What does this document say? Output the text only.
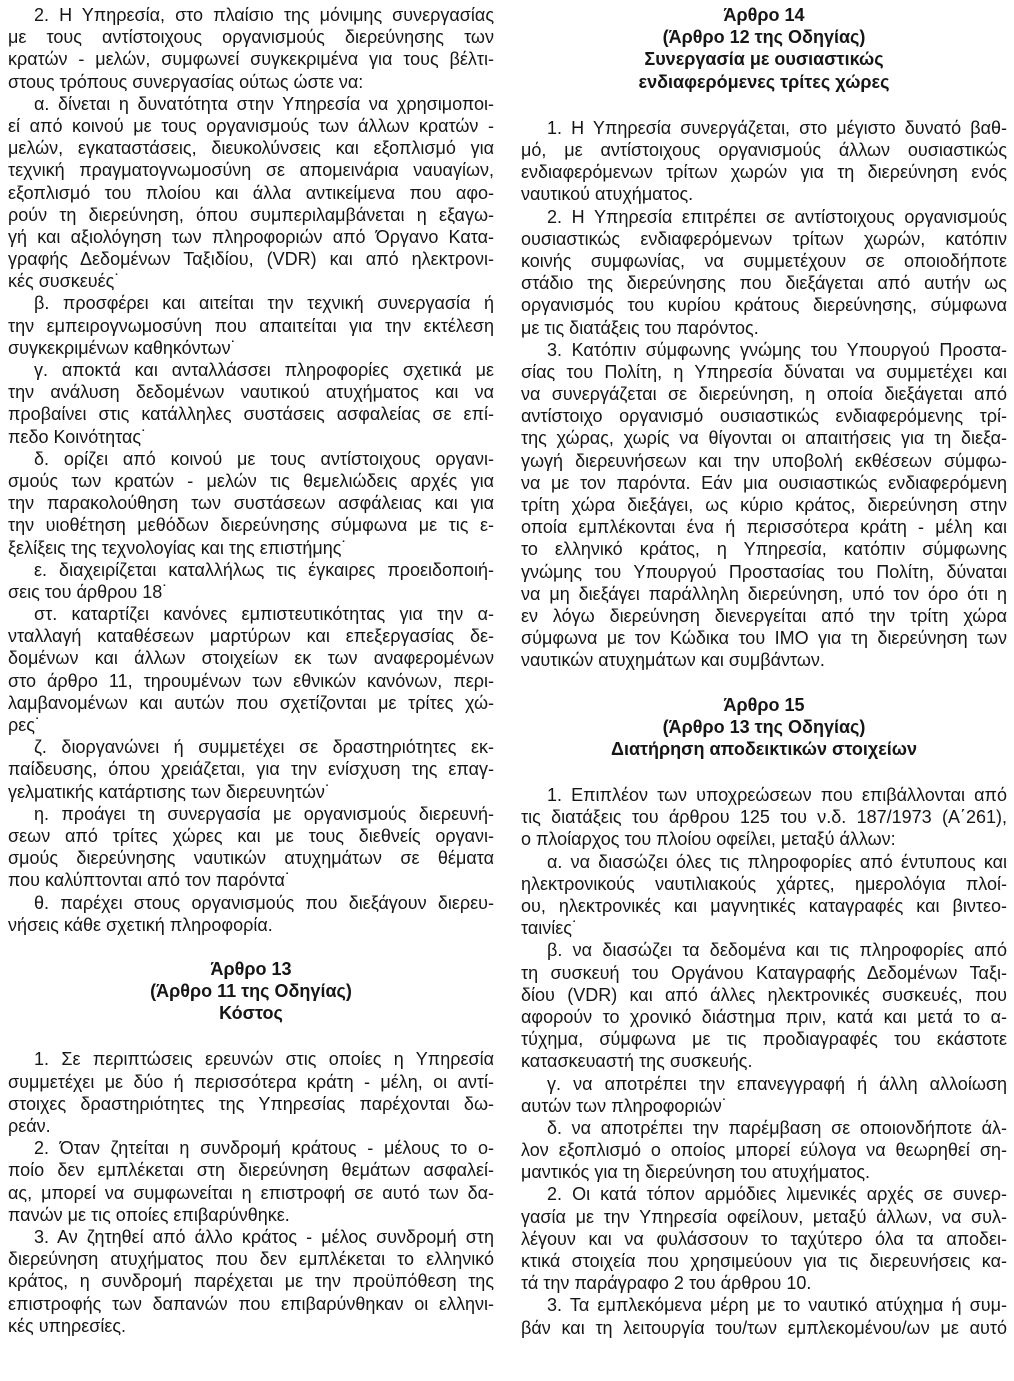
2. Η Υπηρεσία, στο πλαίσιο της μόνιμης συνεργασίας
με τους αντίστοιχους οργανισμούς διερεύνησης των
κρατών - μελών, συμφωνεί συγκεκριμένα για τους βέλτι-
στους τρόπους συνεργασίας ούτως ώστε να:
α. δίνεται η δυνατότητα στην Υπηρεσία να χρησιμοποι-
εί από κοινού με τους οργανισμούς των άλλων κρατών -
μελών, εγκαταστάσεις, διευκολύνσεις και εξοπλισμό για
τεχνική πραγματογνωμοσύνη σε απομεινάρια ναυαγίων,
εξοπλισμό του πλοίου και άλλα αντικείμενα που αφο-
ρούν τη διερεύνηση, όπου συμπεριλαμβάνεται η εξαγω-
γή και αξιολόγηση των πληροφοριών από Όργανο Κατα-
γραφής Δεδομένων Ταξιδίου, (VDR) και από ηλεκτρονι-
κές συσκευές˙
β. προσφέρει και αιτείται την τεχνική συνεργασία ή
την εμπειρογνωμοσύνη που απαιτείται για την εκτέλεση
συγκεκριμένων καθηκόντων˙
γ. αποκτά και ανταλλάσσει πληροφορίες σχετικά με
την ανάλυση δεδομένων ναυτικού ατυχήματος και να
προβαίνει στις κατάλληλες συστάσεις ασφαλείας σε επί-
πεδο Κοινότητας˙
δ. ορίζει από κοινού με τους αντίστοιχους οργανι-
σμούς των κρατών - μελών τις θεμελιώδεις αρχές για
την παρακολούθηση των συστάσεων ασφάλειας και για
την υιοθέτηση μεθόδων διερεύνησης σύμφωνα με τις ε-
ξελίξεις της τεχνολογίας και της επιστήμης˙
ε. διαχειρίζεται καταλλήλως τις έγκαιρες προειδοποιή-
σεις του άρθρου 18˙
στ. καταρτίζει κανόνες εμπιστευτικότητας για την α-
νταλλαγή καταθέσεων μαρτύρων και επεξεργασίας δε-
δομένων και άλλων στοιχείων εκ των αναφερομένων
στο άρθρο 11, τηρουμένων των εθνικών κανόνων, περι-
λαμβανομένων και αυτών που σχετίζονται με τρίτες χώ-
ρες˙
ζ. διοργανώνει ή συμμετέχει σε δραστηριότητες εκ-
παίδευσης, όπου χρειάζεται, για την ενίσχυση της επαγ-
γελματικής κατάρτισης των διερευνητών˙
η. προάγει τη συνεργασία με οργανισμούς διερευνή-
σεων από τρίτες χώρες και με τους διεθνείς οργανι-
σμούς διερεύνησης ναυτικών ατυχημάτων σε θέματα
που καλύπτονται από τον παρόντα˙
θ. παρέχει στους οργανισμούς που διεξάγουν διερευ-
νήσεις κάθε σχετική πληροφορία.
Άρθρο 13
(Άρθρο 11 της Οδηγίας)
Κόστος
1. Σε περιπτώσεις ερευνών στις οποίες η Υπηρεσία
συμμετέχει με δύο ή περισσότερα κράτη - μέλη, οι αντί-
στοιχες δραστηριότητες της Υπηρεσίας παρέχονται δω-
ρεάν.
2. Όταν ζητείται η συνδρομή κράτους - μέλους το ο-
ποίο δεν εμπλέκεται στη διερεύνηση θεμάτων ασφαλεί-
ας, μπορεί να συμφωνείται η επιστροφή σε αυτό των δα-
πανών με τις οποίες επιβαρύνθηκε.
3. Αν ζητηθεί από άλλο κράτος - μέλος συνδρομή στη
διερεύνηση ατυχήματος που δεν εμπλέκεται το ελληνικό
κράτος, η συνδρομή παρέχεται με την προϋπόθεση της
επιστροφής των δαπανών που επιβαρύνθηκαν οι ελληνι-
κές υπηρεσίες.
Άρθρο 14
(Άρθρο 12 της Οδηγίας)
Συνεργασία με ουσιαστικώς
ενδιαφερόμενες τρίτες χώρες
1. Η Υπηρεσία συνεργάζεται, στο μέγιστο δυνατό βαθ-
μό, με αντίστοιχους οργανισμούς άλλων ουσιαστικώς
ενδιαφερόμενων τρίτων χωρών για τη διερεύνηση ενός
ναυτικού ατυχήματος.
2. Η Υπηρεσία επιτρέπει σε αντίστοιχους οργανισμούς
ουσιαστικώς ενδιαφερόμενων τρίτων χωρών, κατόπιν
κοινής συμφωνίας, να συμμετέχουν σε οποιοδήποτε
στάδιο της διερεύνησης που διεξάγεται από αυτήν ως
οργανισμός του κυρίου κράτους διερεύνησης, σύμφωνα
με τις διατάξεις του παρόντος.
3. Κατόπιν σύμφωνης γνώμης του Υπουργού Προστα-
σίας του Πολίτη, η Υπηρεσία δύναται να συμμετέχει και
να συνεργάζεται σε διερεύνηση, η οποία διεξάγεται από
αντίστοιχο οργανισμό ουσιαστικώς ενδιαφερόμενης τρί-
της χώρας, χωρίς να θίγονται οι απαιτήσεις για τη διεξα-
γωγή διερευνήσεων και την υποβολή εκθέσεων σύμφω-
να με τον παρόντα. Εάν μια ουσιαστικώς ενδιαφερόμενη
τρίτη χώρα διεξάγει, ως κύριο κράτος, διερεύνηση στην
οποία εμπλέκονται ένα ή περισσότερα κράτη - μέλη και
το ελληνικό κράτος, η Υπηρεσία, κατόπιν σύμφωνης
γνώμης του Υπουργού Προστασίας του Πολίτη, δύναται
να μη διεξάγει παράλληλη διερεύνηση, υπό τον όρο ότι η
εν λόγω διερεύνηση διενεργείται από την τρίτη χώρα
σύμφωνα με τον Κώδικα του IMO για τη διερεύνηση των
ναυτικών ατυχημάτων και συμβάντων.
Άρθρο 15
(Άρθρο 13 της Οδηγίας)
Διατήρηση αποδεικτικών στοιχείων
1. Επιπλέον των υποχρεώσεων που επιβάλλονται από
τις διατάξεις του άρθρου 125 του ν.δ. 187/1973 (Α΄261),
ο πλοίαρχος του πλοίου οφείλει, μεταξύ άλλων:
α. να διασώζει όλες τις πληροφορίες από έντυπους και
ηλεκτρονικούς ναυτιλιακούς χάρτες, ημερολόγια πλοί-
ου, ηλεκτρονικές και μαγνητικές καταγραφές και βιντεο-
ταινίες˙
β. να διασώζει τα δεδομένα και τις πληροφορίες από
τη συσκευή του Οργάνου Καταγραφής Δεδομένων Ταξι-
δίου (VDR) και από άλλες ηλεκτρονικές συσκευές, που
αφορούν το χρονικό διάστημα πριν, κατά και μετά το α-
τύχημα, σύμφωνα με τις προδιαγραφές του εκάστοτε
κατασκευαστή της συσκευής.
γ. να αποτρέπει την επανεγγραφή ή άλλη αλλοίωση
αυτών των πληροφοριών˙
δ. να αποτρέπει την παρέμβαση σε οποιονδήποτε άλ-
λον εξοπλισμό ο οποίος μπορεί εύλογα να θεωρηθεί ση-
μαντικός για τη διερεύνηση του ατυχήματος.
2. Οι κατά τόπον αρμόδιες λιμενικές αρχές σε συνερ-
γασία με την Υπηρεσία οφείλουν, μεταξύ άλλων, να συλ-
λέγουν και να φυλάσσουν το ταχύτερο όλα τα αποδει-
κτικά στοιχεία που χρησιμεύουν για τις διερευνήσεις κα-
τά την παράγραφο 2 του άρθρου 10.
3. Τα εμπλεκόμενα μέρη με το ναυτικό ατύχημα ή συμ-
βάν και τη λειτουργία του/των εμπλεκομένου/ων με αυτό
